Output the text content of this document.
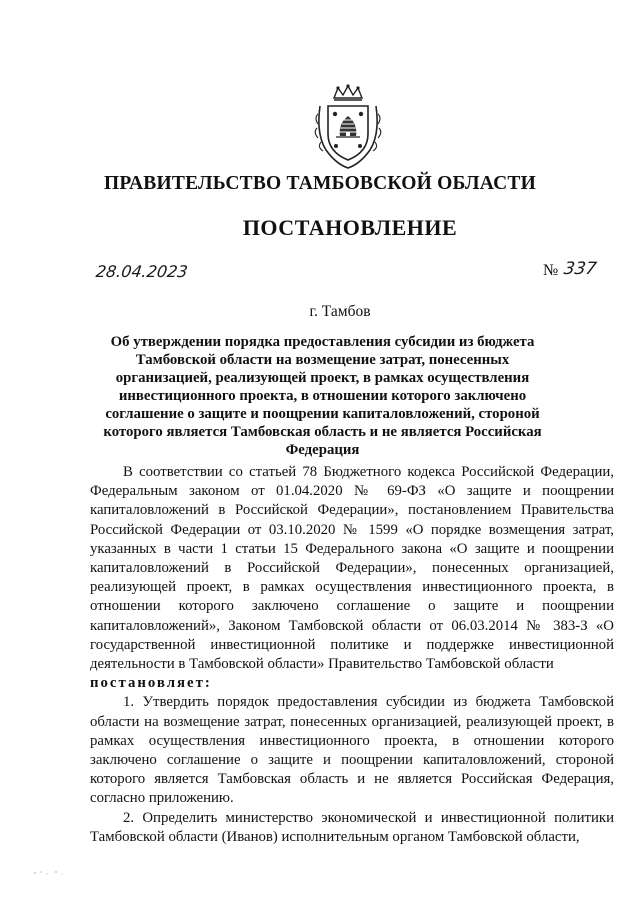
ПРАВИТЕЛЬСТВО ТАМБОВСКОЙ ОБЛАСТИ
ПОСТАНОВЛЕНИЕ
28.04.2023	№ 337
г. Тамбов
Об утверждении порядка предоставления субсидии из бюджета Тамбовской области на возмещение затрат, понесенных организацией, реализующей проект, в рамках осуществления инвестиционного проекта, в отношении которого заключено соглашение о защите и поощрении капиталовложений, стороной которого является Тамбовская область и не является Российская Федерация

В соответствии со статьей 78 Бюджетного кодекса Российской Федерации, Федеральным законом от 01.04.2020 № 69-ФЗ «О защите и поощрении капиталовложений в Российской Федерации», постановлением Правительства Российской Федерации от 03.10.2020 № 1599 «О порядке возмещения затрат, указанных в части 1 статьи 15 Федерального закона «О защите и поощрении капиталовложений в Российской Федерации», понесенных организацией, реализующей проект, в рамках осуществления инвестиционного проекта, в отношении которого заключено соглашение о защите и поощрении капиталовложений», Законом Тамбовской области от 06.03.2014 № 383-З «О государственной инвестиционной политике и поддержке инвестиционной деятельности в Тамбовской области» Правительство Тамбовской области

постановляет:

1. Утвердить порядок предоставления субсидии из бюджета Тамбовской области на возмещение затрат, понесенных организацией, реализующей проект, в рамках осуществления инвестиционного проекта, в отношении которого заключено соглашение о защите и поощрении капиталовложений, стороной которого является Тамбовская область и не является Российская Федерация, согласно приложению.

2. Определить министерство экономической и инвестиционной политики Тамбовской области (Иванов) исполнительным органом Тамбовской области,
